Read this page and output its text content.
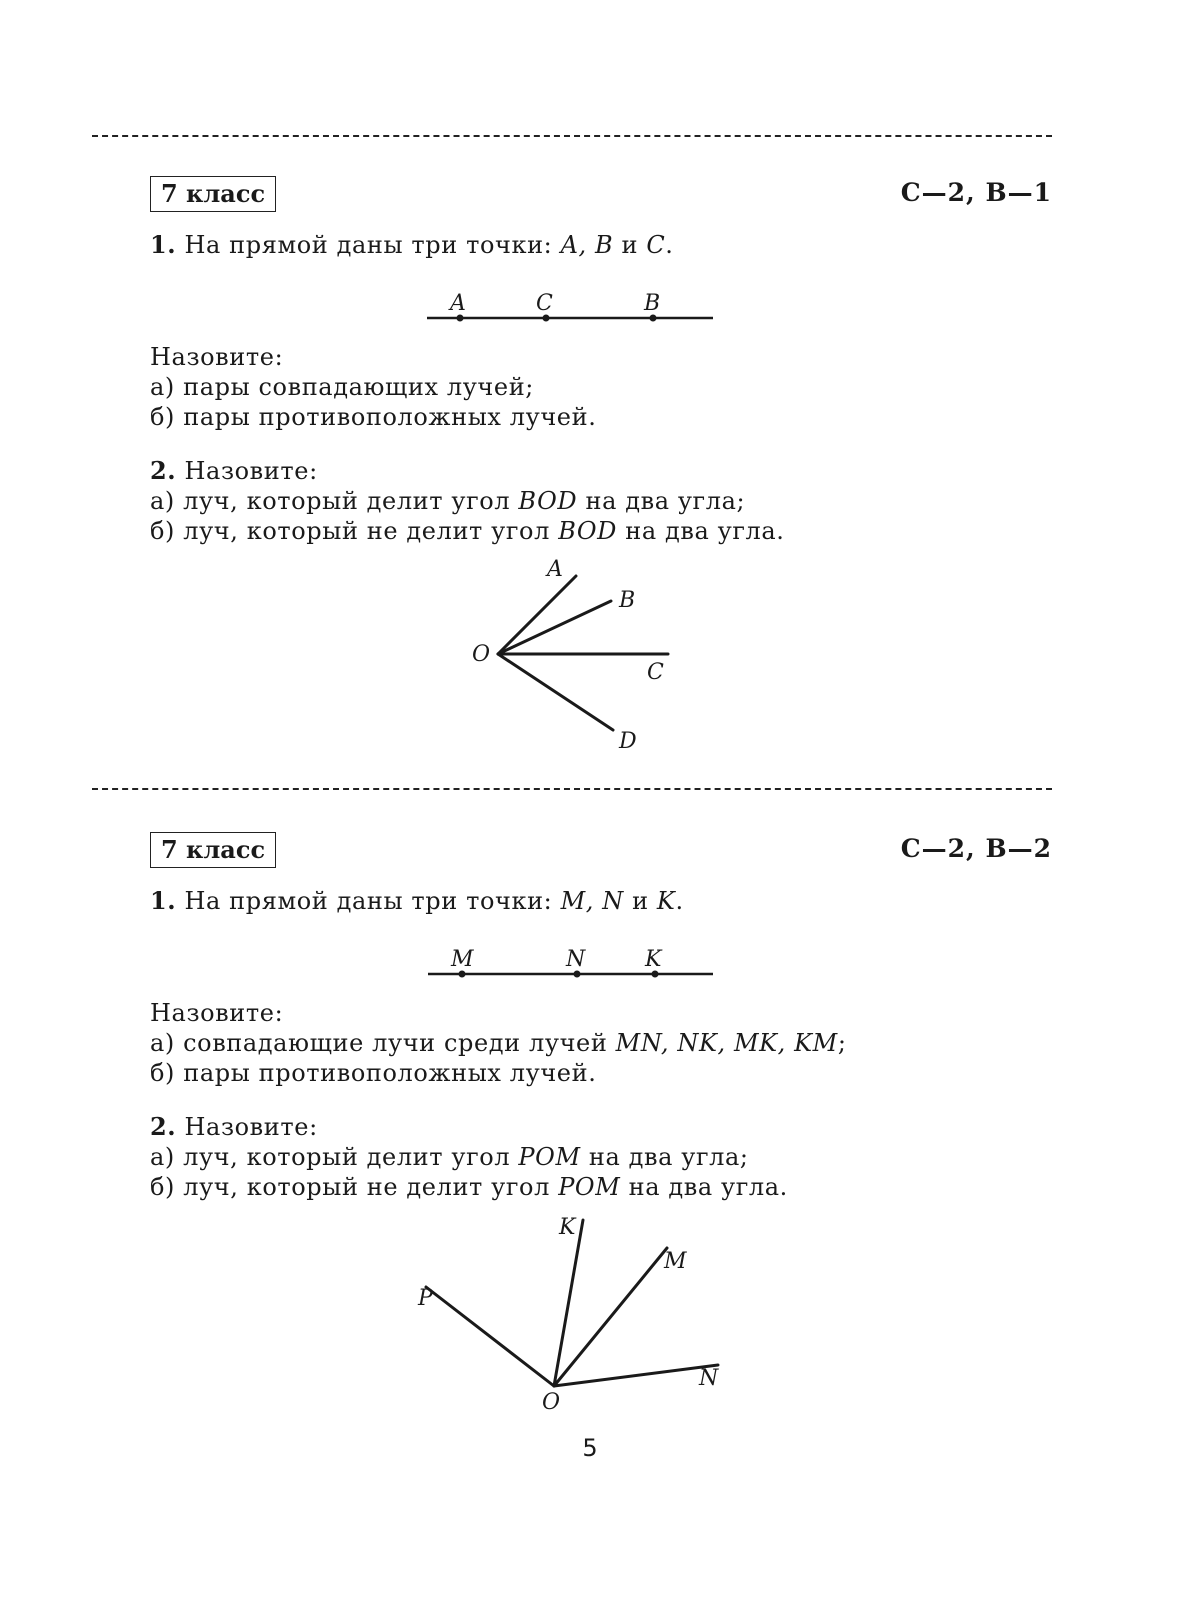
7 класс	С—2, В—1
1. На прямой даны три точки: A, B и C.
A	C	B
Назовите:
а) пары совпадающих лучей;
б) пары противоположных лучей.
2. Назовите:
а) луч, который делит угол BOD на два угла;
б) луч, который не делит угол BOD на два угла.
O
A
B
C
D
7 класс	С—2, В—2
1. На прямой даны три точки: M, N и K.
M	N	K
Назовите:
а) совпадающие лучи среди лучей MN, NK, MK, KM;
б) пары противоположных лучей.
2. Назовите:
а) луч, который делит угол POM на два угла;
б) луч, который не делит угол POM на два угла.
O
P
K
M
N
5
